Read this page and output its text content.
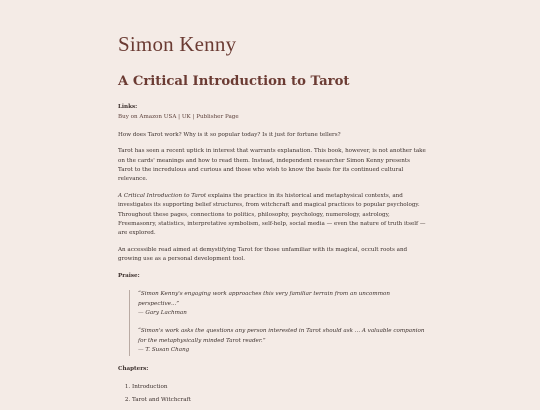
Simon Kenny
A Critical Introduction to Tarot
Links:
Buy on Amazon USA | UK | Publisher Page

How does Tarot work? Why is it so popular today? Is it just for fortune tellers?

Tarot has seen a recent uptick in interest that warrants explanation. This book, however, is not another take on the cards' meanings and how to read them. Instead, independent researcher Simon Kenny presents Tarot to the incredulous and curious and those who wish to know the basis for its continued cultural relevance.

A Critical Introduction to Tarot explains the practice in its historical and metaphysical contexts, and investigates its supporting belief structures, from witchcraft and magical practices to popular psychology. Throughout these pages, connections to politics, philosophy, psychology, numerology, astrology, Freemasonry, statistics, interpretative symbolism, self-help, social media — even the nature of truth itself — are explored.

An accessible read aimed at demystifying Tarot for those unfamiliar with its magical, occult roots and growing use as a personal development tool.

Praise:
“Simon Kenny's engaging work approaches this very familiar terrain from an uncommon perspective...”
— Gary Lachman
“Simon's work asks the questions any person interested in Tarot should ask ... A valuable companion for the metaphysically minded Tarot reader.”
— T. Susan Chang
Chapters:
1. Introduction
2. Tarot and Witchcraft
